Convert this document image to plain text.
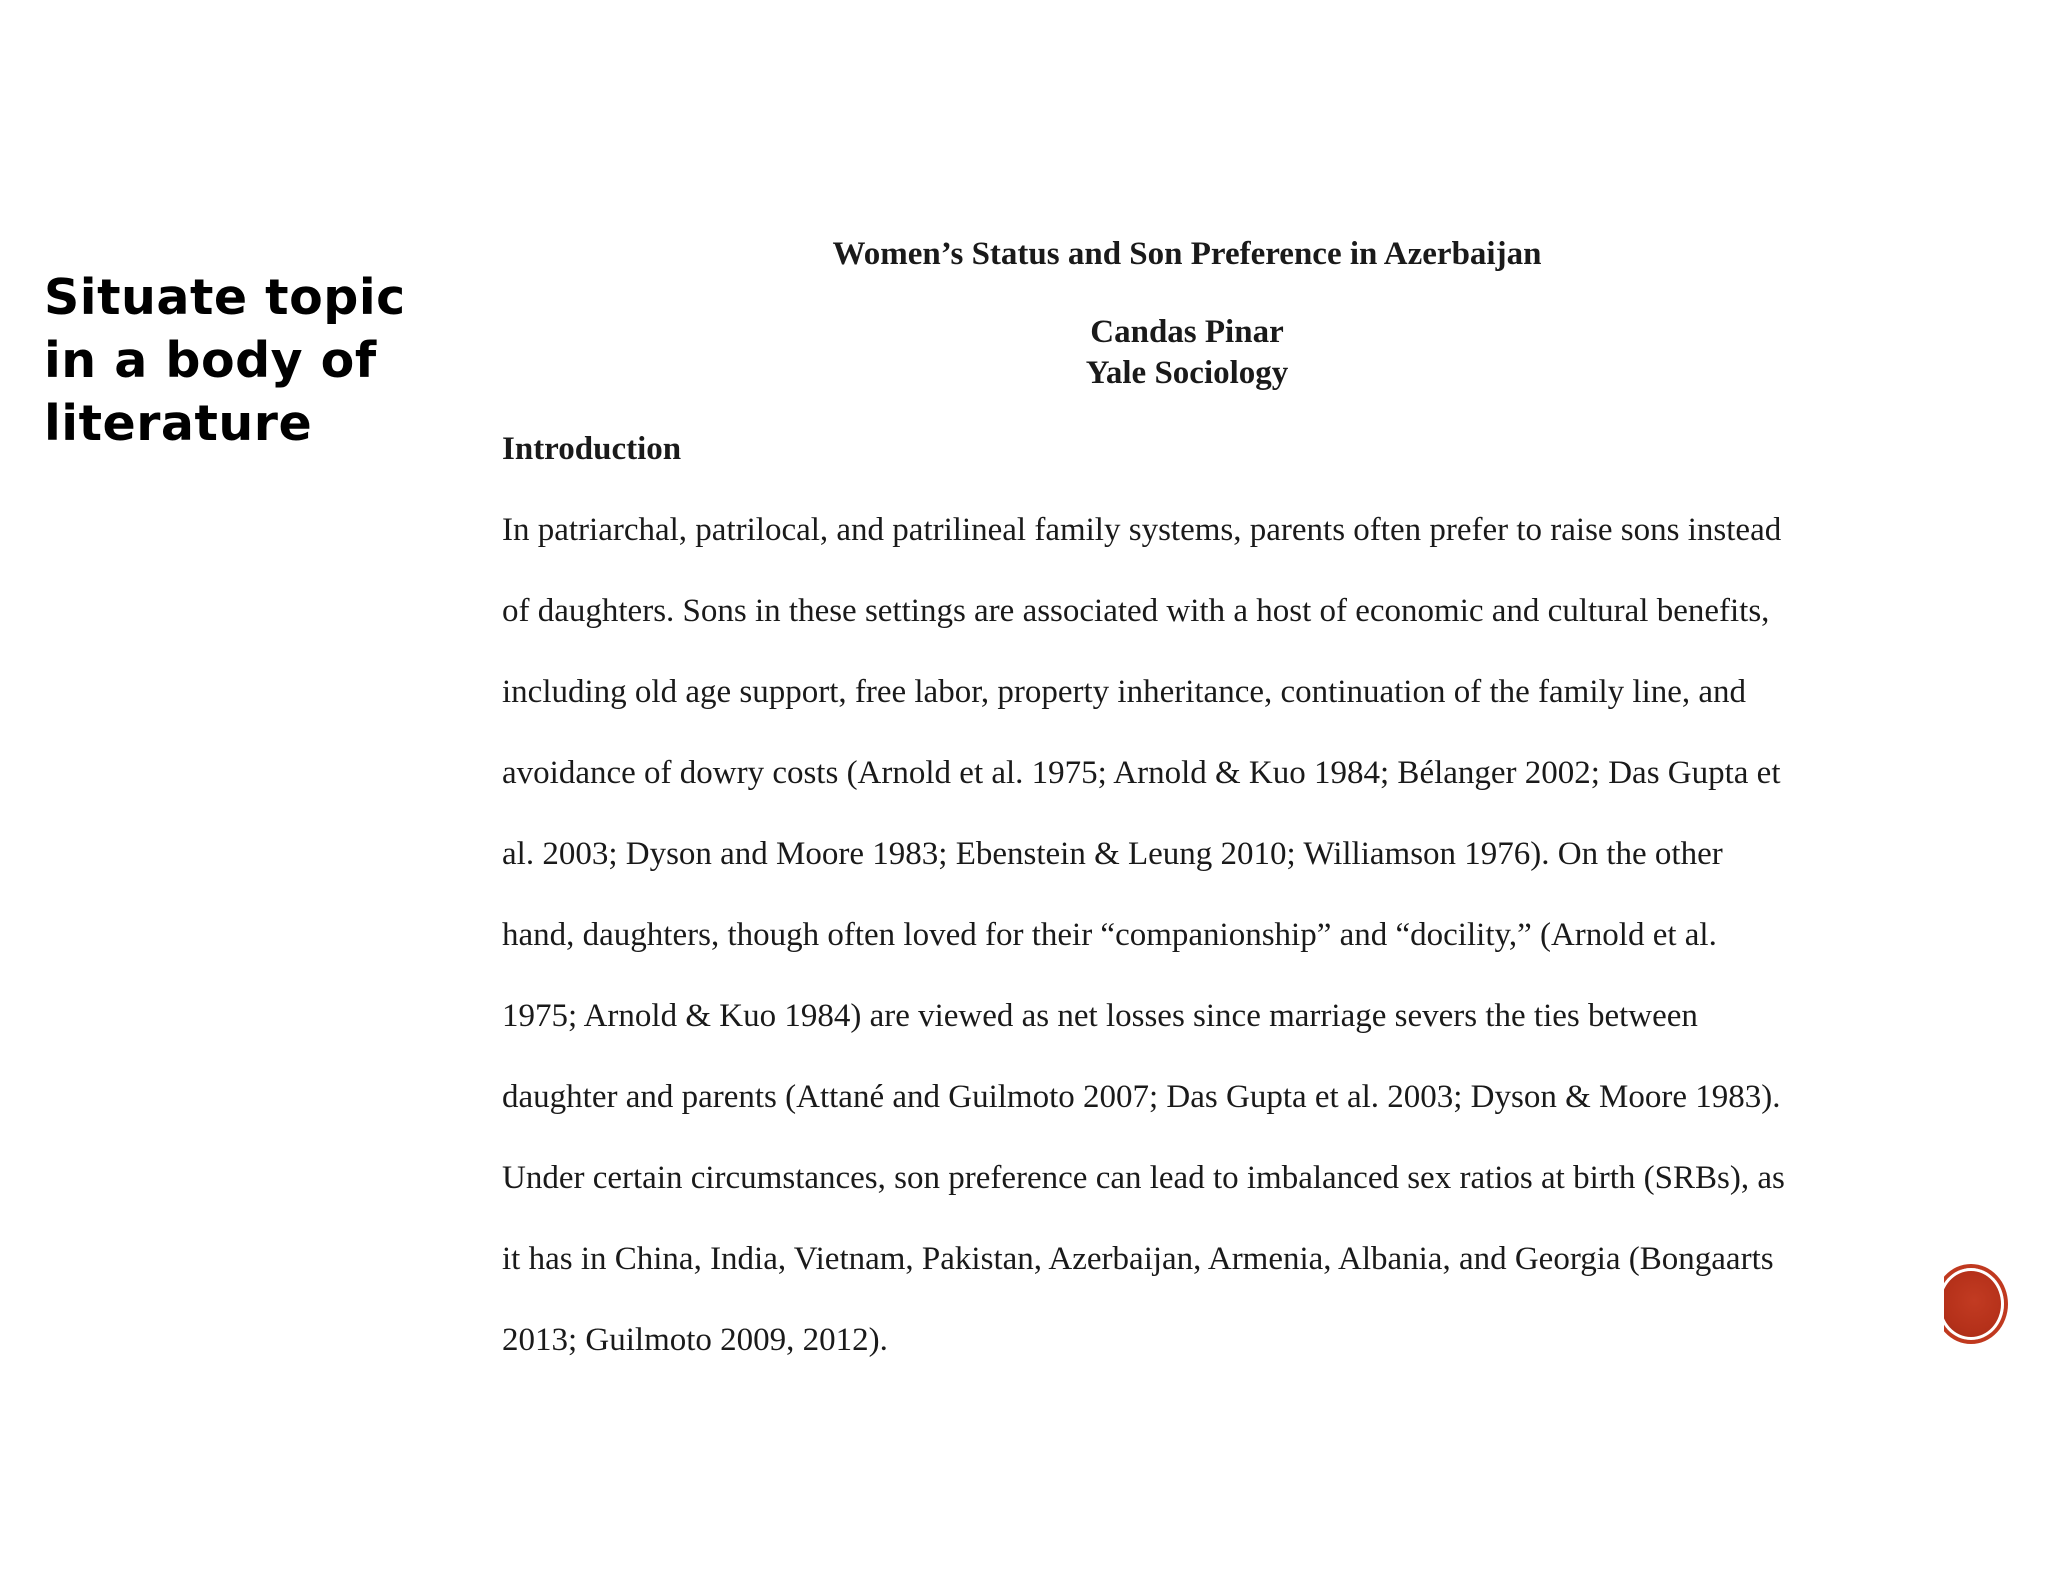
Situate topic
in a body of
literature
Women’s Status and Son Preference in Azerbaijan
Candas Pinar
Yale Sociology
Introduction
In patriarchal, patrilocal, and patrilineal family systems, parents often prefer to raise sons instead
of daughters. Sons in these settings are associated with a host of economic and cultural benefits,
including old age support, free labor, property inheritance, continuation of the family line, and
avoidance of dowry costs (Arnold et al. 1975; Arnold & Kuo 1984; Bélanger 2002; Das Gupta et
al. 2003; Dyson and Moore 1983; Ebenstein & Leung 2010; Williamson 1976). On the other
hand, daughters, though often loved for their “companionship” and “docility,” (Arnold et al.
1975; Arnold & Kuo 1984) are viewed as net losses since marriage severs the ties between
daughter and parents (Attané and Guilmoto 2007; Das Gupta et al. 2003; Dyson & Moore 1983).
Under certain circumstances, son preference can lead to imbalanced sex ratios at birth (SRBs), as
it has in China, India, Vietnam, Pakistan, Azerbaijan, Armenia, Albania, and Georgia (Bongaarts
2013; Guilmoto 2009, 2012).
